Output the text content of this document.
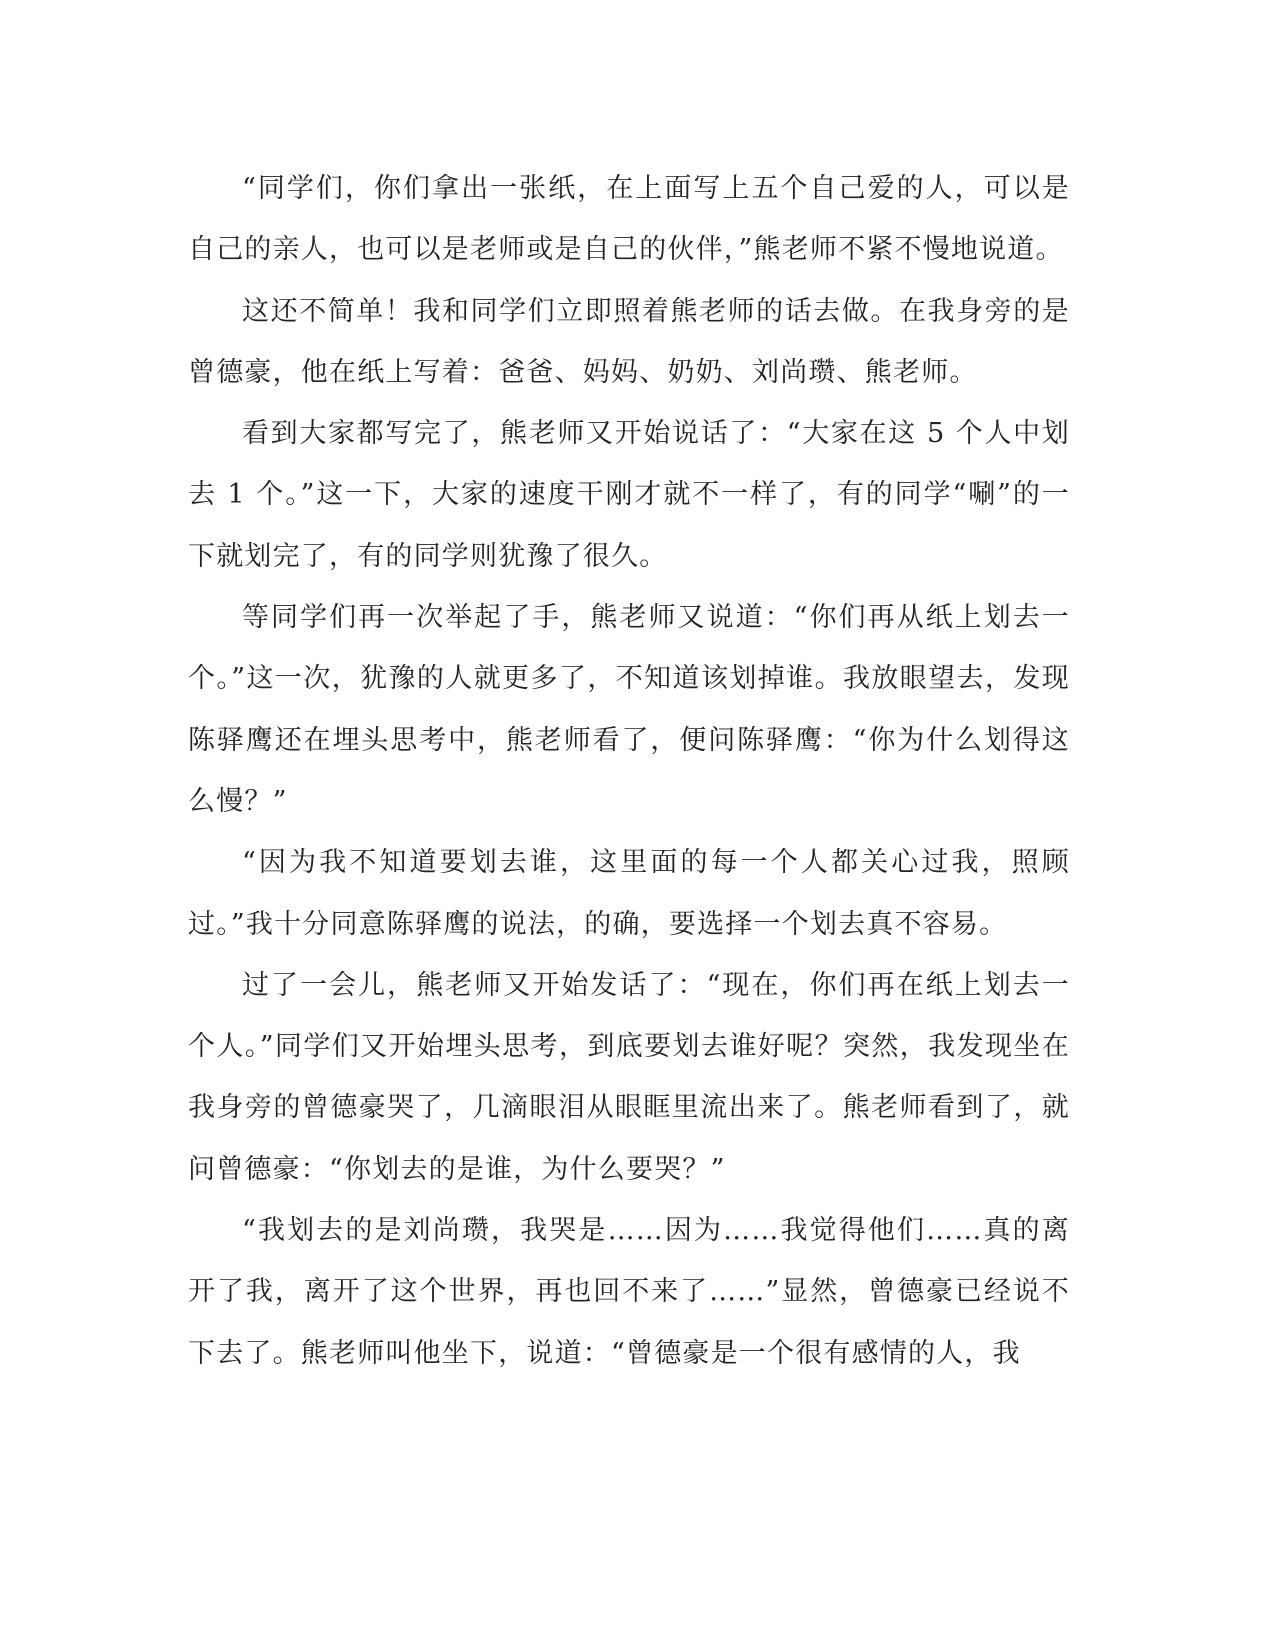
“同学们，你们拿出一张纸，在上面写上五个自己爱的人，可以是自己的亲人，也可以是老师或是自己的伙伴，”熊老师不紧不慢地说道。

这还不简单！我和同学们立即照着熊老师的话去做。在我身旁的是曾德豪，他在纸上写着：爸爸、妈妈、奶奶、刘尚瓒、熊老师。

看到大家都写完了，熊老师又开始说话了：“大家在这 5 个人中划去 1 个。”这一下，大家的速度干刚才就不一样了，有的同学“唰”的一下就划完了，有的同学则犹豫了很久。

等同学们再一次举起了手，熊老师又说道：“你们再从纸上划去一个。”这一次，犹豫的人就更多了，不知道该划掉谁。我放眼望去，发现陈驿鹰还在埋头思考中，熊老师看了，便问陈驿鹰：“你为什么划得这么慢？”

“因为我不知道要划去谁，这里面的每一个人都关心过我，照顾过。”我十分同意陈驿鹰的说法，的确，要选择一个划去真不容易。

过了一会儿，熊老师又开始发话了：“现在，你们再在纸上划去一个人。”同学们又开始埋头思考，到底要划去谁好呢？突然，我发现坐在我身旁的曾德豪哭了，几滴眼泪从眼眶里流出来了。熊老师看到了，就问曾德豪：“你划去的是谁，为什么要哭？”

“我划去的是刘尚瓒，我哭是……因为……我觉得他们……真的离开了我，离开了这个世界，再也回不来了……”显然，曾德豪已经说不下去了。熊老师叫他坐下，说道：“曾德豪是一个很有感情的人，我
